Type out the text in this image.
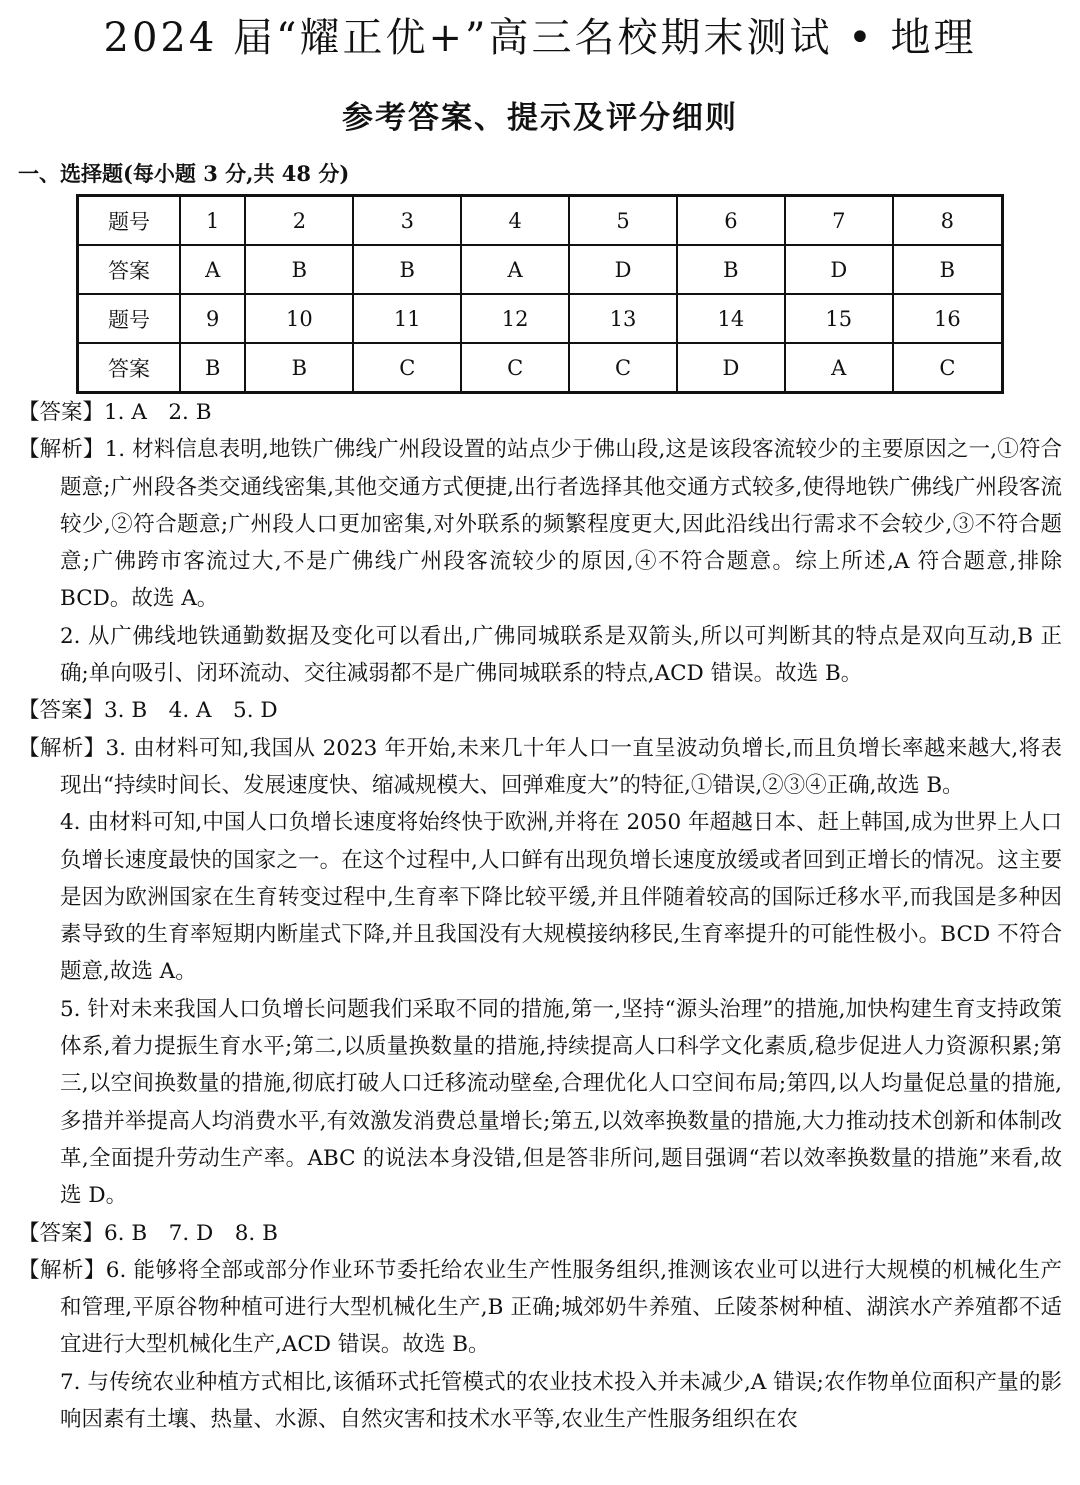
2024 届“耀正优+”高三名校期末测试 • 地理
参考答案、提示及评分细则
一、选择题(每小题 3 分,共 48 分)
题号	1	2	3	4	5	6	7	8
答案	A	B	B	A	D	B	D	B
题号	9	10	11	12	13	14	15	16
答案	B	B	C	C	C	D	A	C

【答案】1. A　2. B

【解析】1. 材料信息表明,地铁广佛线广州段设置的站点少于佛山段,这是该段客流较少的主要原因之一,①符合题意;广州段各类交通线密集,其他交通方式便捷,出行者选择其他交通方式较多,使得地铁广佛线广州段客流较少,②符合题意;广州段人口更加密集,对外联系的频繁程度更大,因此沿线出行需求不会较少,③不符合题意;广佛跨市客流过大,不是广佛线广州段客流较少的原因,④不符合题意。综上所述,A 符合题意,排除 BCD。故选 A。

2. 从广佛线地铁通勤数据及变化可以看出,广佛同城联系是双箭头,所以可判断其的特点是双向互动,B 正确;单向吸引、闭环流动、交往减弱都不是广佛同城联系的特点,ACD 错误。故选 B。

【答案】3. B　4. A　5. D

【解析】3. 由材料可知,我国从 2023 年开始,未来几十年人口一直呈波动负增长,而且负增长率越来越大,将表现出“持续时间长、发展速度快、缩减规模大、回弹难度大”的特征,①错误,②③④正确,故选 B。

4. 由材料可知,中国人口负增长速度将始终快于欧洲,并将在 2050 年超越日本、赶上韩国,成为世界上人口负增长速度最快的国家之一。在这个过程中,人口鲜有出现负增长速度放缓或者回到正增长的情况。这主要是因为欧洲国家在生育转变过程中,生育率下降比较平缓,并且伴随着较高的国际迁移水平,而我国是多种因素导致的生育率短期内断崖式下降,并且我国没有大规模接纳移民,生育率提升的可能性极小。BCD 不符合题意,故选 A。

5. 针对未来我国人口负增长问题我们采取不同的措施,第一,坚持“源头治理”的措施,加快构建生育支持政策体系,着力提振生育水平;第二,以质量换数量的措施,持续提高人口科学文化素质,稳步促进人力资源积累;第三,以空间换数量的措施,彻底打破人口迁移流动壁垒,合理优化人口空间布局;第四,以人均量促总量的措施,多措并举提高人均消费水平,有效激发消费总量增长;第五,以效率换数量的措施,大力推动技术创新和体制改革,全面提升劳动生产率。ABC 的说法本身没错,但是答非所问,题目强调“若以效率换数量的措施”来看,故选 D。

【答案】6. B　7. D　8. B

【解析】6. 能够将全部或部分作业环节委托给农业生产性服务组织,推测该农业可以进行大规模的机械化生产和管理,平原谷物种植可进行大型机械化生产,B 正确;城郊奶牛养殖、丘陵茶树种植、湖滨水产养殖都不适宜进行大型机械化生产,ACD 错误。故选 B。

7. 与传统农业种植方式相比,该循环式托管模式的农业技术投入并未减少,A 错误;农作物单位面积产量的影响因素有土壤、热量、水源、自然灾害和技术水平等,农业生产性服务组织在农
